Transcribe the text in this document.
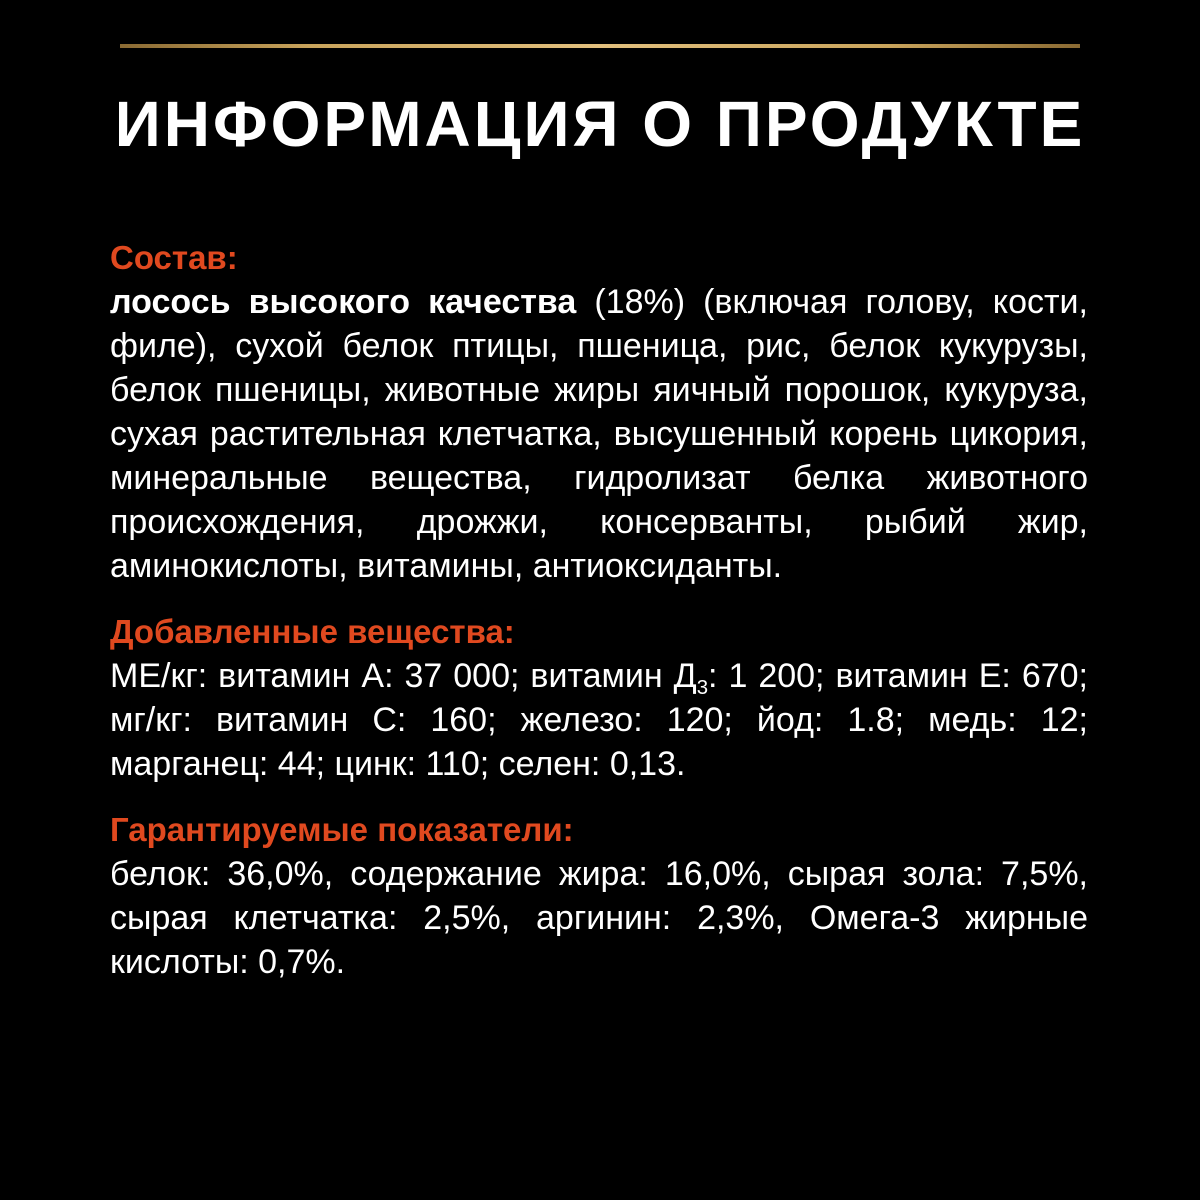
ИНФОРМАЦИЯ О ПРОДУКТЕ

Состав:

лосось высокого качества (18%) (включая голову, кости, филе), сухой белок птицы, пшеница, рис, белок кукурузы, белок пшеницы, животные жиры яичный порошок, кукуруза, сухая растительная клетчатка, высушенный корень цикория, минеральные вещества, гидролизат белка животного происхождения, дрожжи, консерванты, рыбий жир, аминокислоты, витамины, антиоксиданты.

Добавленные вещества:

МЕ/кг: витамин А: 37 000; витамин $Д_3$: 1 200; витамин Е: 670; мг/кг: витамин С: 160; железо: 120; йод: 1.8; медь: 12; марганец: 44; цинк: 110; селен: 0,13.

Гарантируемые показатели:

белок: 36,0%, содержание жира: 16,0%, сырая зола: 7,5%, сырая клетчатка: 2,5%, аргинин: 2,3%, Омега-3 жирные кислоты: 0,7%.
